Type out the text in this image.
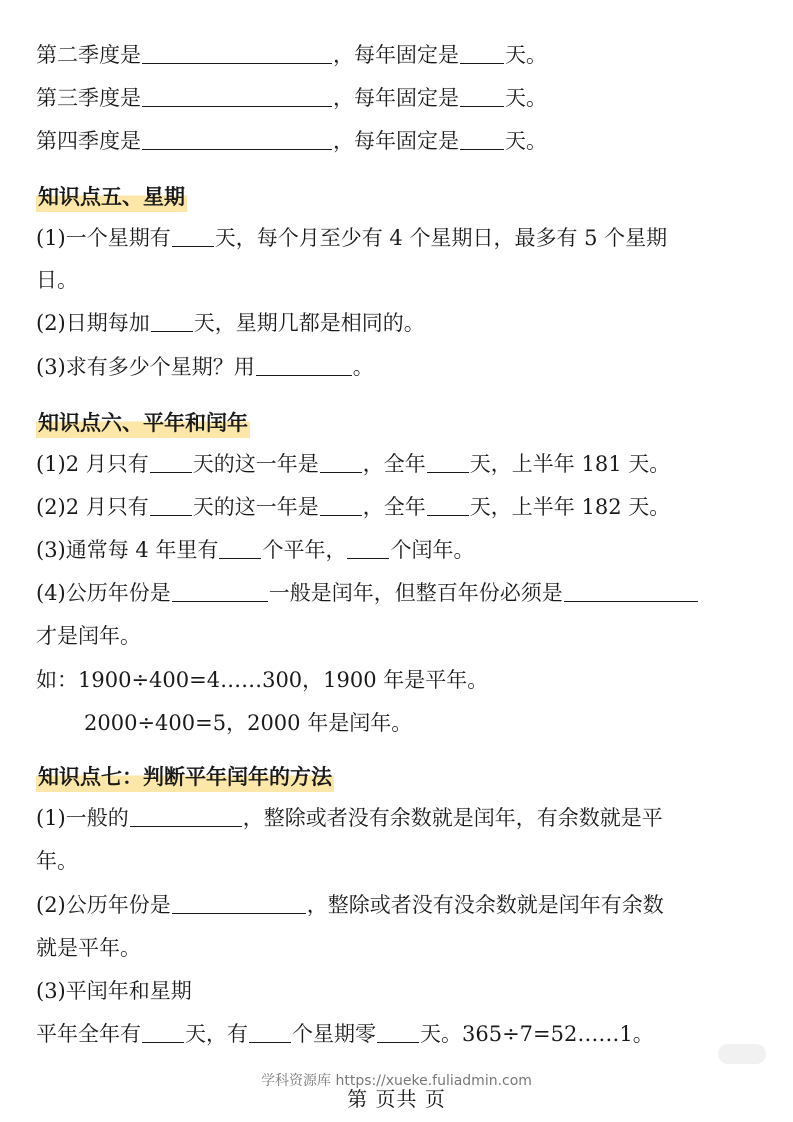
第二季度是	，每年固定是 天。
第三季度是	，每年固定是 天。
第四季度是	，每年固定是 天。
知识点五、星期
(1)一个星期有 天，每个月至少有 4 个星期日，最多有 5 个星期
日。
(2)日期每加 天，星期几都是相同的。
(3)求有多少个星期？用	。
知识点六、平年和闰年
(1)2 月只有 天的这一年是 ，全年 天，上半年 181 天。
(2)2 月只有 天的这一年是 ，全年 天，上半年 182 天。
(3)通常每 4 年里有 个平年， 个闰年。
(4)公历年份是	一般是闰年，但整百年份必须是
才是闰年。
如：1900÷400=4……300，1900 年是平年。
2000÷400=5，2000 年是闰年。
知识点七：判断平年闰年的方法
(1)一般的	，整除或者没有余数就是闰年，有余数就是平
年。
(2)公历年份是	，整除或者没有没余数就是闰年有余数
就是平年。
(3)平闰年和星期
平年全年有 天，有 个星期零 天。365÷7=52……1。
学科资源库 https://xueke.fuliadmin.com
第 页共 页
